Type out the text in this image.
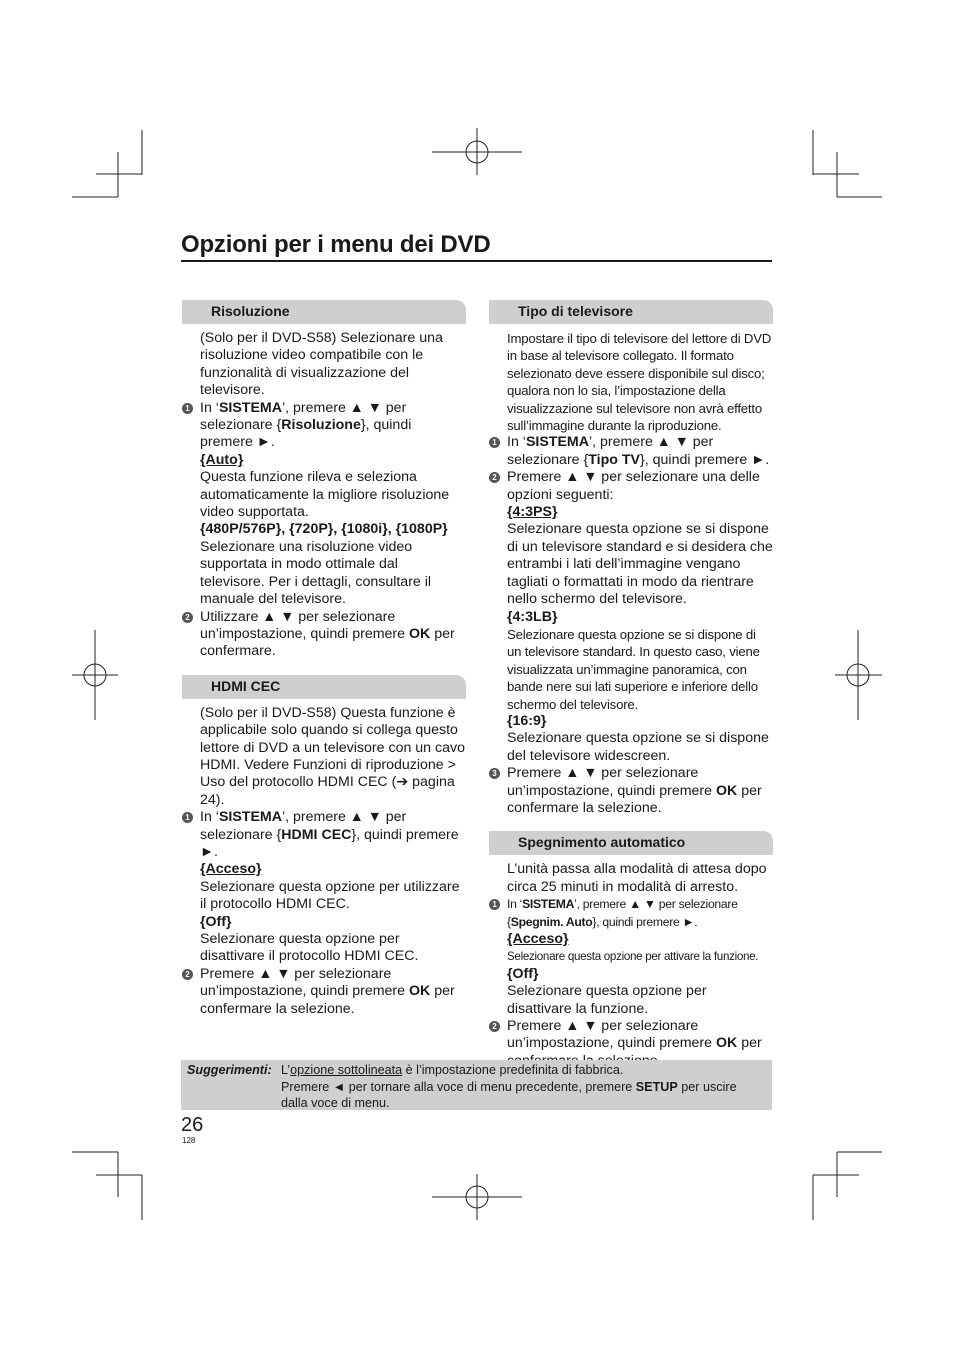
Opzioni per i menu dei DVD
Risoluzione

(Solo per il DVD-S58) Selezionare una risoluzione video compatibile con le funzionalità di visualizzazione del televisore.

1 In ‘SISTEMA’, premere ▲ ▼ per selezionare {Risoluzione}, quindi premere ►.
{Auto}

Questa funzione rileva e seleziona automaticamente la migliore risoluzione video supportata.

{480P/576P}, {720P}, {1080i}, {1080P}

Selezionare una risoluzione video supportata in modo ottimale dal televisore. Per i dettagli, consultare il manuale del televisore.

2 Utilizzare ▲ ▼ per selezionare un’impostazione, quindi premere OK per confermare.
HDMI CEC

(Solo per il DVD-S58) Questa funzione è applicabile solo quando si collega questo lettore di DVD a un televisore con un cavo HDMI. Vedere Funzioni di riproduzione > Uso del protocollo HDMI CEC (➔ pagina 24).

1 In ‘SISTEMA’, premere ▲ ▼ per selezionare {HDMI CEC}, quindi premere ►.
{Acceso}

Selezionare questa opzione per utilizzare il protocollo HDMI CEC.

{Off}

Selezionare questa opzione per disattivare il protocollo HDMI CEC.

2 Premere ▲ ▼ per selezionare un’impostazione, quindi premere OK per confermare la selezione.
Tipo di televisore

Impostare il tipo di televisore del lettore di DVD in base al televisore collegato. Il formato selezionato deve essere disponibile sul disco; qualora non lo sia, l’impostazione della visualizzazione sul televisore non avrà effetto sull’immagine durante la riproduzione.

1 In ‘SISTEMA’, premere ▲ ▼ per selezionare {Tipo TV}, quindi premere ►.
2 Premere ▲ ▼ per selezionare una delle opzioni seguenti:
{4:3PS}

Selezionare questa opzione se si dispone di un televisore standard e si desidera che entrambi i lati dell’immagine vengano tagliati o formattati in modo da rientrare nello schermo del televisore.

{4:3LB}

Selezionare questa opzione se si dispone di un televisore standard. In questo caso, viene visualizzata un’immagine panoramica, con bande nere sui lati superiore e inferiore dello schermo del televisore.

{16:9}

Selezionare questa opzione se si dispone del televisore widescreen.

3 Premere ▲ ▼ per selezionare un’impostazione, quindi premere OK per confermare la selezione.
Spegnimento automatico

L’unità passa alla modalità di attesa dopo circa 25 minuti in modalità di arresto.

1 In ‘SISTEMA’, premere ▲ ▼ per selezionare {Spegnim. Auto}, quindi premere ►.
{Acceso}

Selezionare questa opzione per attivare la funzione.

{Off}

Selezionare questa opzione per disattivare la funzione.

2 Premere ▲ ▼ per selezionare un’impostazione, quindi premere OK per
Suggerimenti: L’opzione sottolineata è l’impostazione predefinita di fabbrica.
Premere ◄ per tornare alla voce di menu precedente, premere SETUP per uscire dalla voce di menu.
26
128
